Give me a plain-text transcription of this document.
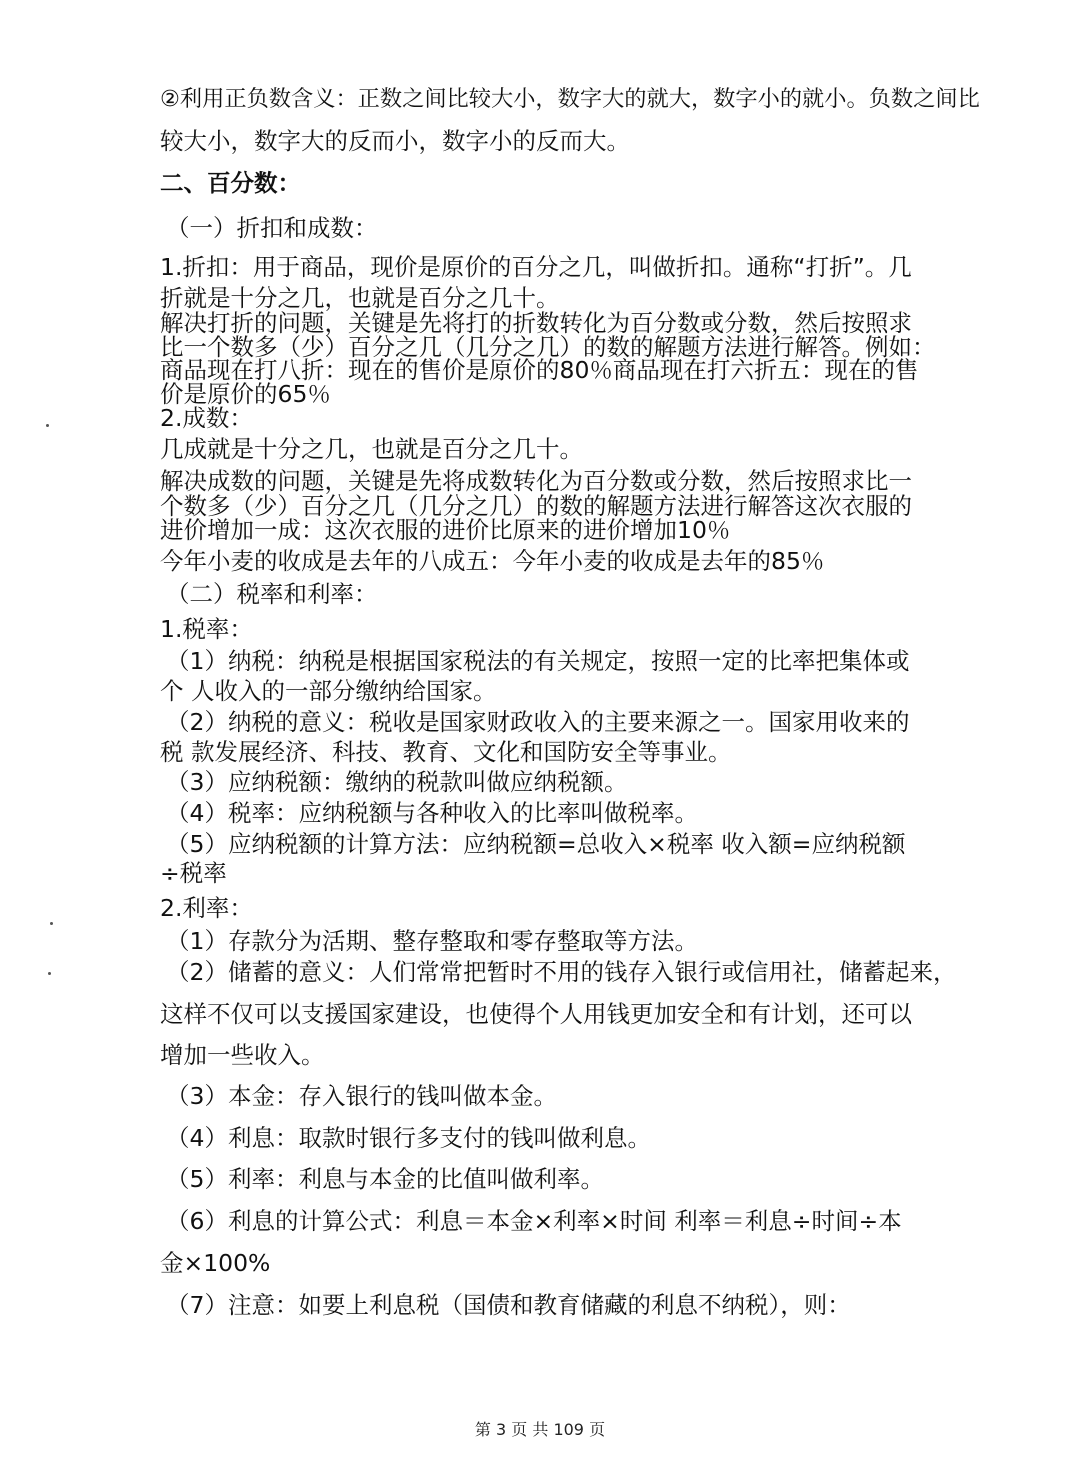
②利用正负数含义：正数之间比较大小，数字大的就大，数字小的就小。负数之间比
较大小，数字大的反而小，数字小的反而大。
二、百分数：
（一）折扣和成数：
1.折扣：用于商品，现价是原价的百分之几，叫做折扣。通称“打折”。几
折就是十分之几，也就是百分之几十。
解决打折的问题，关键是先将打的折数转化为百分数或分数，然后按照求
比一个数多（少）百分之几（几分之几）的数的解题方法进行解答。例如：
商品现在打八折：现在的售价是原价的80％商品现在打六折五：现在的售
价是原价的65％
2.成数：
几成就是十分之几，也就是百分之几十。
解决成数的问题，关键是先将成数转化为百分数或分数，然后按照求比一
个数多（少）百分之几（几分之几）的数的解题方法进行解答这次衣服的
进价增加一成：这次衣服的进价比原来的进价增加10％
今年小麦的收成是去年的八成五：今年小麦的收成是去年的85％
（二）税率和利率：
1.税率：
（1）纳税：纳税是根据国家税法的有关规定，按照一定的比率把集体或
个 人收入的一部分缴纳给国家。
（2）纳税的意义：税收是国家财政收入的主要来源之一。国家用收来的
税 款发展经济、科技、教育、文化和国防安全等事业。
（3）应纳税额：缴纳的税款叫做应纳税额。
（4）税率：应纳税额与各种收入的比率叫做税率。
（5）应纳税额的计算方法：应纳税额=总收入×税率 收入额=应纳税额
÷税率
2.利率：
（1）存款分为活期、整存整取和零存整取等方法。
（2）储蓄的意义：人们常常把暂时不用的钱存入银行或信用社，储蓄起来，
这样不仅可以支援国家建设，也使得个人用钱更加安全和有计划，还可以
增加一些收入。
（3）本金：存入银行的钱叫做本金。
（4）利息：取款时银行多支付的钱叫做利息。
（5）利率：利息与本金的比值叫做利率。
（6）利息的计算公式：利息＝本金×利率×时间 利率＝利息÷时间÷本
金×100%
（7）注意：如要上利息税（国债和教育储藏的利息不纳税），则：
第 3 页 共 109 页
